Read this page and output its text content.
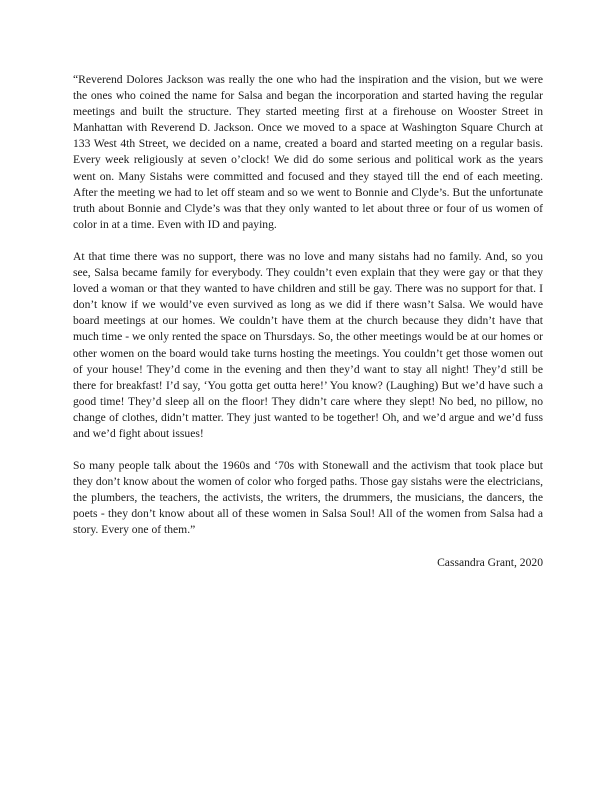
“Reverend Dolores Jackson was really the one who had the inspiration and the vision, but we were the ones who coined the name for Salsa and began the incorporation and started having the regular meetings and built the structure. They started meeting first at a firehouse on Wooster Street in Manhattan with Reverend D. Jackson. Once we moved to a space at Washington Square Church at 133 West 4th Street, we decided on a name, created a board and started meeting on a regular basis. Every week religiously at seven o’clock! We did do some serious and political work as the years went on. Many Sistahs were committed and focused and they stayed till the end of each meeting. After the meeting we had to let off steam and so we went to Bonnie and Clyde’s. But the unfortunate truth about Bonnie and Clyde’s was that they only wanted to let about three or four of us women of color in at a time. Even with ID and paying.

At that time there was no support, there was no love and many sistahs had no family. And, so you see, Salsa became family for everybody. They couldn’t even explain that they were gay or that they loved a woman or that they wanted to have children and still be gay. There was no support for that. I don’t know if we would’ve even survived as long as we did if there wasn’t Salsa. We would have board meetings at our homes. We couldn’t have them at the church because they didn’t have that much time - we only rented the space on Thursdays. So, the other meetings would be at our homes or other women on the board would take turns hosting the meetings. You couldn’t get those women out of your house! They’d come in the evening and then they’d want to stay all night! They’d still be there for breakfast! I’d say, ‘You gotta get outta here!’ You know? (Laughing) But we’d have such a good time! They’d sleep all on the floor! They didn’t care where they slept! No bed, no pillow, no change of clothes, didn’t matter. They just wanted to be together! Oh, and we’d argue and we’d fuss and we’d fight about issues!

So many people talk about the 1960s and ‘70s with Stonewall and the activism that took place but they don’t know about the women of color who forged paths. Those gay sistahs were the electricians, the plumbers, the teachers, the activists, the writers, the drummers, the musicians, the dancers, the poets - they don’t know about all of these women in Salsa Soul! All of the women from Salsa had a story. Every one of them.”

Cassandra Grant, 2020
